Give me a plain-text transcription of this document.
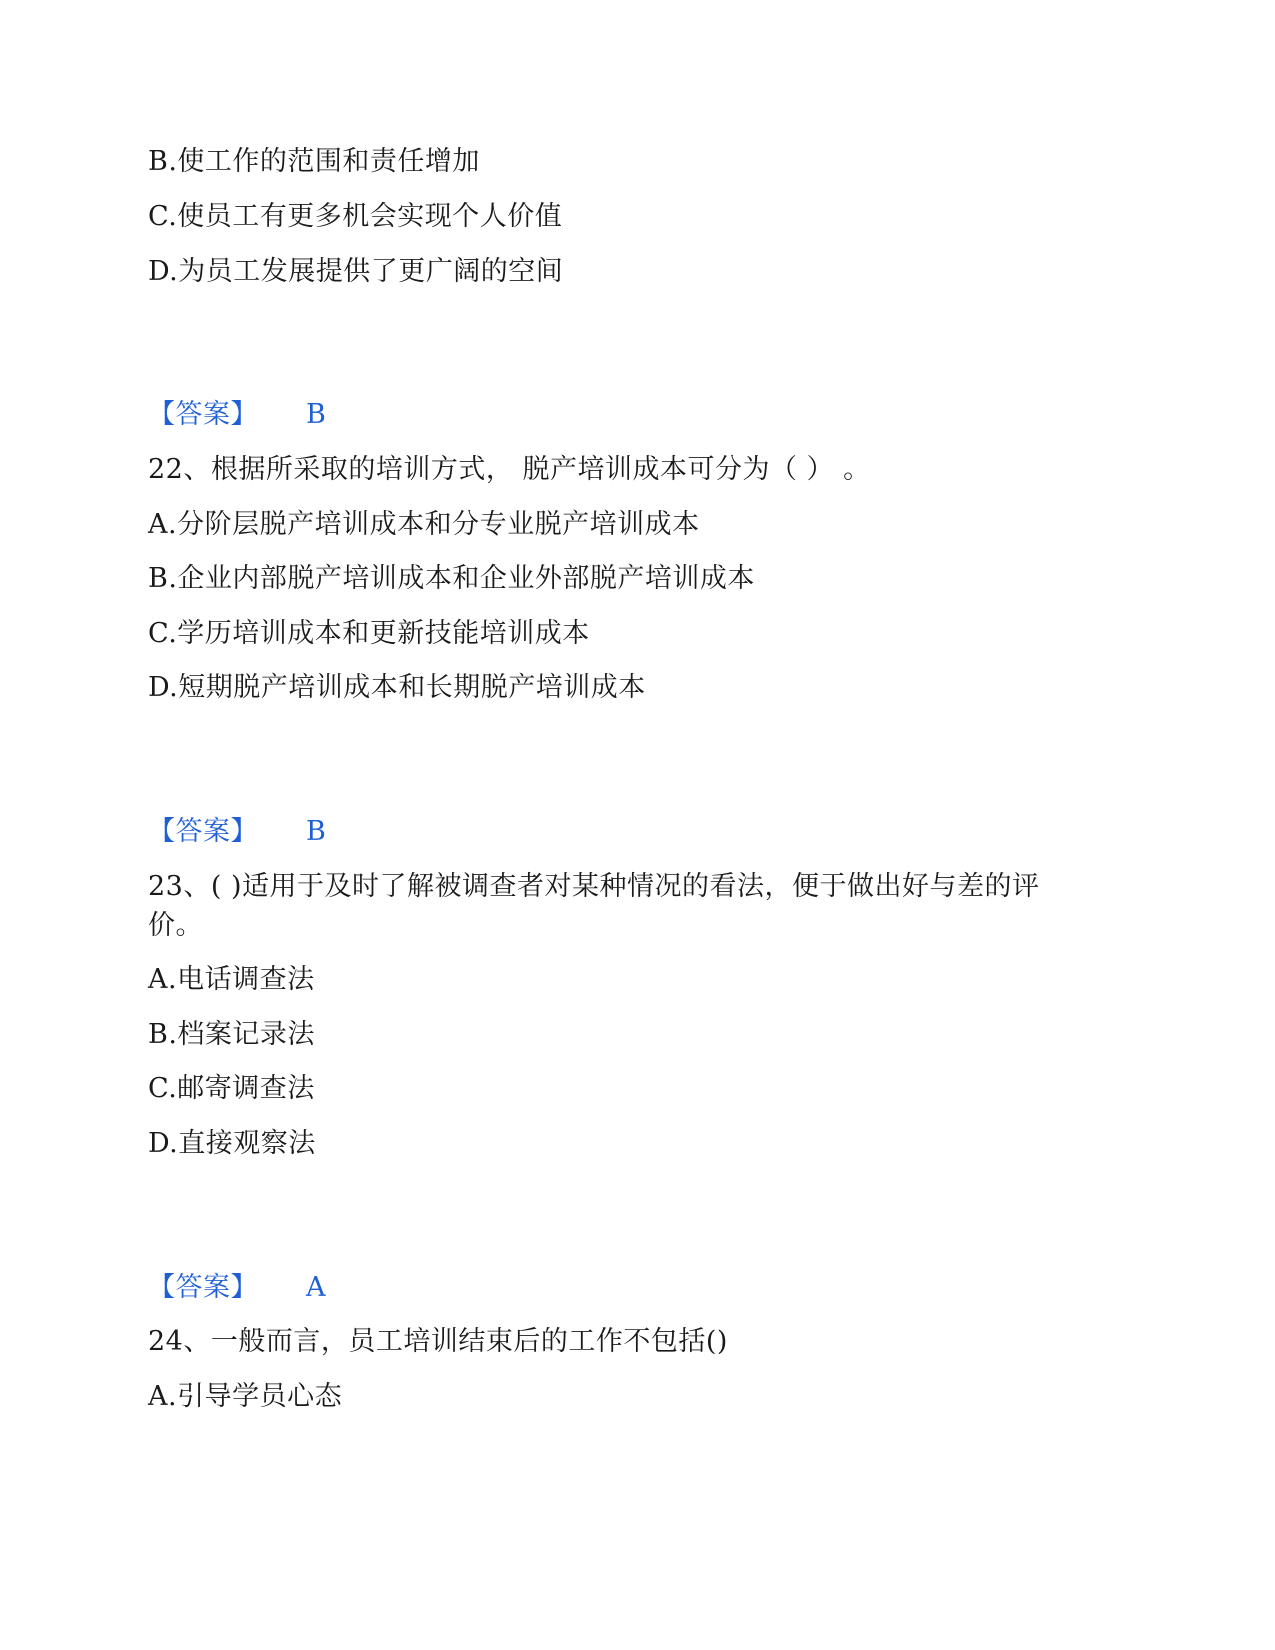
B.使工作的范围和责任增加
C.使员工有更多机会实现个人价值
D.为员工发展提供了更广阔的空间
【答案】 B
22、根据所采取的培训方式， 脱产培训成本可分为（ ） 。
A.分阶层脱产培训成本和分专业脱产培训成本
B.企业内部脱产培训成本和企业外部脱产培训成本
C.学历培训成本和更新技能培训成本
D.短期脱产培训成本和长期脱产培训成本
【答案】 B
23、( )适用于及时了解被调查者对某种情况的看法，便于做出好与差的评
价。
A.电话调查法
B.档案记录法
C.邮寄调查法
D.直接观察法
【答案】 A
24、一般而言，员工培训结束后的工作不包括()
A.引导学员心态
